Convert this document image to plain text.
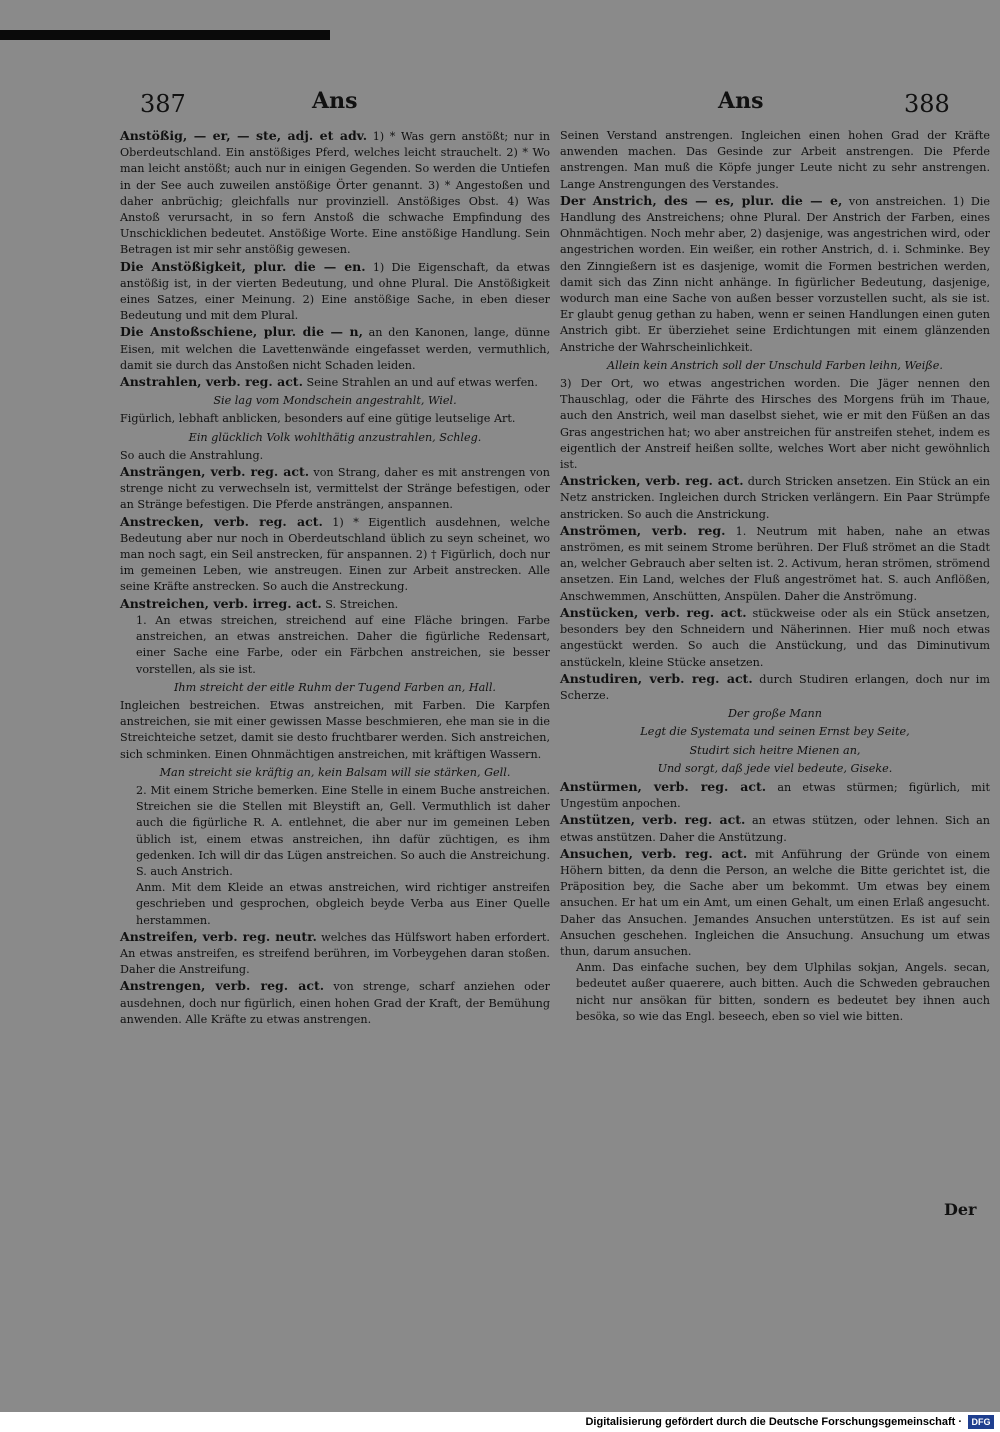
387	Ans	Ans	388
Anstößig, — er, — ste, adj. et adv. 1) * Was gern anstößt; nur in Oberdeutschland. Ein anstößiges Pferd, welches leicht strauchelt. 2) * Wo man leicht anstößt; auch nur in einigen Gegenden. So werden die Untiefen in der See auch zuweilen anstößige Örter genannt. 3) * Angestoßen und daher anbrüchig; gleichfalls nur provinziell. Anstößiges Obst. 4) Was Anstoß verursacht, in so fern Anstoß die schwache Empfindung des Unschicklichen bedeutet. Anstößige Worte. Eine anstößige Handlung. Sein Betragen ist mir sehr anstößig gewesen.
Die Anstößigkeit, plur. die — en. 1) Die Eigenschaft, da etwas anstößig ist, in der vierten Bedeutung, und ohne Plural. Die Anstößigkeit eines Satzes, einer Meinung. 2) Eine anstößige Sache, in eben dieser Bedeutung und mit dem Plural.
Die Anstoßschiene, plur. die — n, an den Kanonen, lange, dünne Eisen, mit welchen die Lavettenwände eingefasset werden, vermuthlich, damit sie durch das Anstoßen nicht Schaden leiden.
Anstrahlen, verb. reg. act. Seine Strahlen an und auf etwas werfen.
Sie lag vom Mondschein angestrahlt, Wiel.
Figürlich, lebhaft anblicken, besonders auf eine gütige leutselige Art.
Ein glücklich Volk wohlthätig anzustrahlen, Schleg.
So auch die Anstrahlung.
Ansträngen, verb. reg. act. von Strang, daher es mit anstrengen von strenge nicht zu verwechseln ist, vermittelst der Stränge befestigen, oder an Stränge befestigen. Die Pferde ansträngen, anspannen.
Anstrecken, verb. reg. act. 1) * Eigentlich ausdehnen, welche Bedeutung aber nur noch in Oberdeutschland üblich zu seyn scheinet, wo man noch sagt, ein Seil anstrecken, für anspannen. 2) † Figürlich, doch nur im gemeinen Leben, wie anstreugen. Einen zur Arbeit anstrecken. Alle seine Kräfte anstrecken. So auch die Anstreckung.
Anstreichen, verb. irreg. act. S. Streichen.
1. An etwas streichen, streichend auf eine Fläche bringen. Farbe anstreichen, an etwas anstreichen. Daher die figürliche Redensart, einer Sache eine Farbe, oder ein Färbchen anstreichen, sie besser vorstellen, als sie ist.
Ihm streicht der eitle Ruhm der Tugend Farben an, Hall.
Ingleichen bestreichen. Etwas anstreichen, mit Farben. Die Karpfen anstreichen, sie mit einer gewissen Masse beschmieren, ehe man sie in die Streichteiche setzet, damit sie desto fruchtbarer werden. Sich anstreichen, sich schminken. Einen Ohnmächtigen anstreichen, mit kräftigen Wassern.
Man streicht sie kräftig an, kein Balsam will sie stärken, Gell.
2. Mit einem Striche bemerken. Eine Stelle in einem Buche anstreichen. Streichen sie die Stellen mit Bleystift an, Gell. Vermuthlich ist daher auch die figürliche R. A. entlehnet, die aber nur im gemeinen Leben üblich ist, einem etwas anstreichen, ihn dafür züchtigen, es ihm gedenken. Ich will dir das Lügen anstreichen. So auch die Anstreichung. S. auch Anstrich.
Anm. Mit dem Kleide an etwas anstreichen, wird richtiger anstreifen geschrieben und gesprochen, obgleich beyde Verba aus Einer Quelle herstammen.
Anstreifen, verb. reg. neutr. welches das Hülfswort haben erfordert. An etwas anstreifen, es streifend berühren, im Vorbeygehen daran stoßen. Daher die Anstreifung.
Anstrengen, verb. reg. act. von strenge, scharf anziehen oder ausdehnen, doch nur figürlich, einen hohen Grad der Kraft, der Bemühung anwenden. Alle Kräfte zu etwas anstrengen.
Seinen Verstand anstrengen. Ingleichen einen hohen Grad der Kräfte anwenden machen. Das Gesinde zur Arbeit anstrengen. Die Pferde anstrengen. Man muß die Köpfe junger Leute nicht zu sehr anstrengen. Lange Anstrengungen des Verstandes.
Der Anstrich, des — es, plur. die — e, von anstreichen. 1) Die Handlung des Anstreichens; ohne Plural. Der Anstrich der Farben, eines Ohnmächtigen. Noch mehr aber, 2) dasjenige, was angestrichen wird, oder angestrichen worden. Ein weißer, ein rother Anstrich, d. i. Schminke. Bey den Zinngießern ist es dasjenige, womit die Formen bestrichen werden, damit sich das Zinn nicht anhänge. In figürlicher Bedeutung, dasjenige, wodurch man eine Sache von außen besser vorzustellen sucht, als sie ist. Er glaubt genug gethan zu haben, wenn er seinen Handlungen einen guten Anstrich gibt. Er überziehet seine Erdichtungen mit einem glänzenden Anstriche der Wahrscheinlichkeit.
Allein kein Anstrich soll der Unschuld Farben leihn, Weiße.
3) Der Ort, wo etwas angestrichen worden. Die Jäger nennen den Thauschlag, oder die Fährte des Hirsches des Morgens früh im Thaue, auch den Anstrich, weil man daselbst siehet, wie er mit den Füßen an das Gras angestrichen hat; wo aber anstreichen für anstreifen stehet, indem es eigentlich der Anstreif heißen sollte, welches Wort aber nicht gewöhnlich ist.
Anstricken, verb. reg. act. durch Stricken ansetzen. Ein Stück an ein Netz anstricken. Ingleichen durch Stricken verlängern. Ein Paar Strümpfe anstricken. So auch die Anstrickung.
Anströmen, verb. reg. 1. Neutrum mit haben, nahe an etwas anströmen, es mit seinem Strome berühren. Der Fluß strömet an die Stadt an, welcher Gebrauch aber selten ist. 2. Activum, heran strömen, strömend ansetzen. Ein Land, welches der Fluß angeströmet hat. S. auch Anflößen, Anschwemmen, Anschütten, Anspülen. Daher die Anströmung.
Anstücken, verb. reg. act. stückweise oder als ein Stück ansetzen, besonders bey den Schneidern und Näherinnen. Hier muß noch etwas angestückt werden. So auch die Anstückung, und das Diminutivum anstückeln, kleine Stücke ansetzen.
Anstudiren, verb. reg. act. durch Studiren erlangen, doch nur im Scherze.
Der große Mann
Legt die Systemata und seinen Ernst bey Seite,
Studirt sich heitre Mienen an,
Und sorgt, daß jede viel bedeute, Giseke.
Anstürmen, verb. reg. act. an etwas stürmen; figürlich, mit Ungestüm anpochen.
Anstützen, verb. reg. act. an etwas stützen, oder lehnen. Sich an etwas anstützen. Daher die Anstützung.
Ansuchen, verb. reg. act. mit Anführung der Gründe von einem Höhern bitten, da denn die Person, an welche die Bitte gerichtet ist, die Präposition bey, die Sache aber um bekommt. Um etwas bey einem ansuchen. Er hat um ein Amt, um einen Gehalt, um einen Erlaß angesucht. Daher das Ansuchen. Jemandes Ansuchen unterstützen. Es ist auf sein Ansuchen geschehen. Ingleichen die Ansuchung. Ansuchung um etwas thun, darum ansuchen.
Anm. Das einfache suchen, bey dem Ulphilas sokjan, Angels. secan, bedeutet außer quaerere, auch bitten. Auch die Schweden gebrauchen nicht nur ansökan für bitten, sondern es bedeutet bey ihnen auch besöka, so wie das Engl. beseech, eben so viel wie bitten.
Der
Digitalisierung gefördert durch die Deutsche Forschungsgemeinschaft ·	DFG
